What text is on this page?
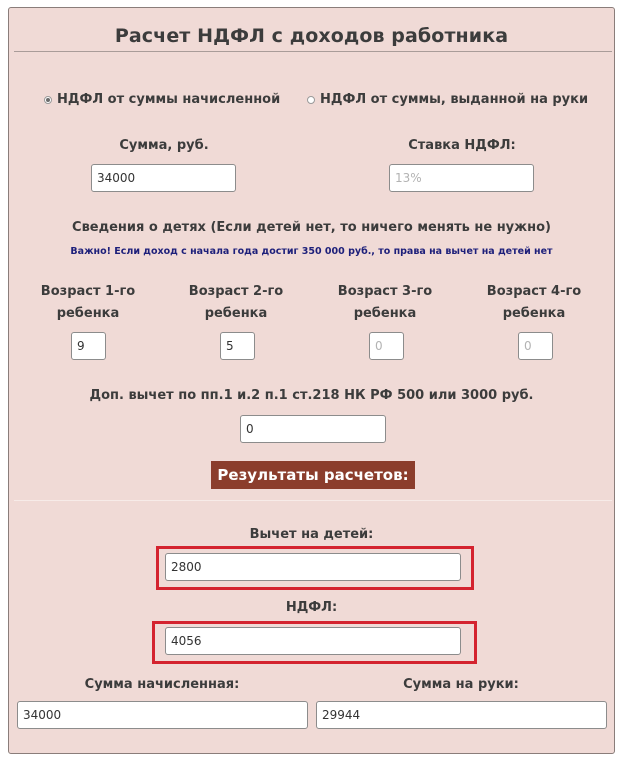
Расчет НДФЛ с доходов работника
НДФЛ от суммы начисленной	НДФЛ от суммы, выданной на руки
Сумма, руб.
34000
Ставка НДФЛ:
13%
Сведения о детях (Если детей нет, то ничего менять не нужно)
Важно! Если доход с начала года достиг 350 000 руб., то права на вычет на детей нет
Возраст 1-го
ребенка
9
Возраст 2-го
ребенка
5
Возраст 3-го
ребенка
0
Возраст 4-го
ребенка
0
Доп. вычет по пп.1 и.2 п.1 ст.218 НК РФ 500 или 3000 руб.
0
Результаты расчетов:
Вычет на детей:
2800
НДФЛ:
4056
Сумма начисленная:
34000
Сумма на руки:
29944
